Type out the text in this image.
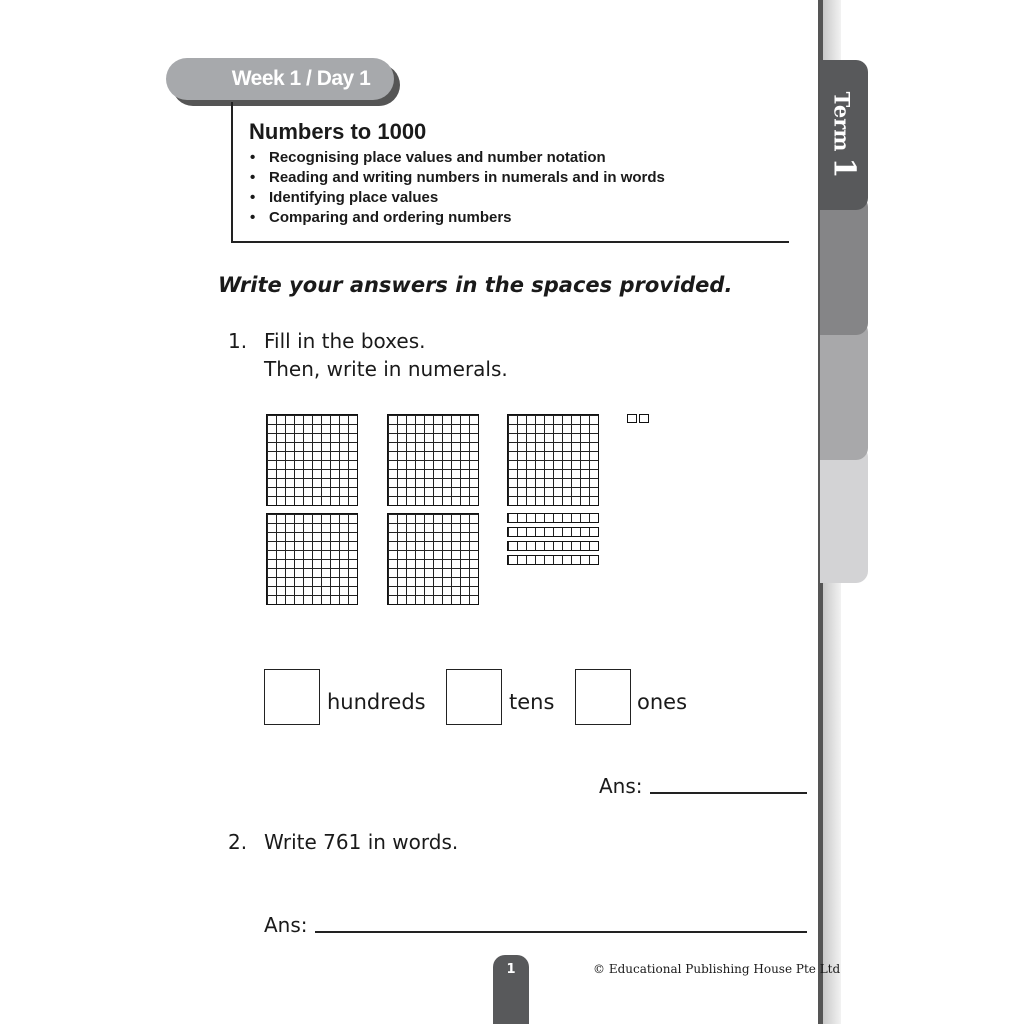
Term1
Week 1 / Day 1
Numbers to 1000
• Recognising place values and number notation
• Reading and writing numbers in numerals and in words
• Identifying place values
• Comparing and ordering numbers
Write your answers in the spaces provided.
1. Fill in the boxes.
Then, write in numerals.
hundreds	tens	ones
Ans:
2. Write 761 in words.
Ans:
1	© Educational Publishing House Pte Ltd
